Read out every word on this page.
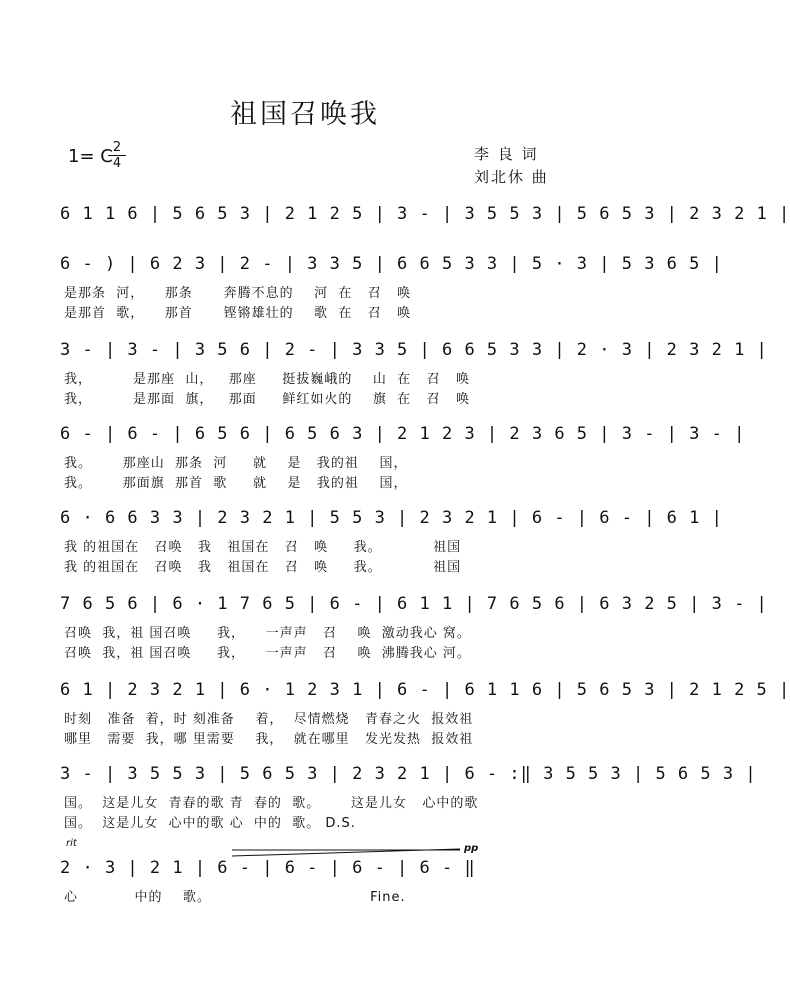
祖国召唤我
1= C 2
4
李 良 词
刘北休 曲
6 1 1 6 | 5 6 5 3 | 2 1 2 5 | 3 - | 3 5 5 3 | 5 6 5 3 | 2 3 2 1 |
6 - ) | 6 2 3 | 2 - | 3 3 5 | 6 6 5 3 3 | 5 · 3 | 5 3 6 5 |
是那条  河，    那条      奔腾不息的    河  在   召   唤
是那首  歌，    那首      铿锵雄壮的    歌  在   召   唤
3 - | 3 - | 3 5 6 | 2 - | 3 3 5 | 6 6 5 3 3 | 2 · 3 | 2 3 2 1 |
我，        是那座  山，   那座     挺拔巍峨的    山  在   召   唤
我，        是那面  旗，   那面     鲜红如火的    旗  在   召   唤
6 - | 6 - | 6 5 6 | 6 5 6 3 | 2 1 2 3 | 2 3 6 5 | 3 - | 3 - |
我。      那座山  那条  河     就    是   我的祖    国，
我。      那面旗  那首  歌     就    是   我的祖    国，
6 · 6 6 3 3 | 2 3 2 1 | 5 5 3 | 2 3 2 1 | 6 - | 6 - | 6 1 |
我 的祖国在   召唤   我   祖国在   召   唤     我。          祖国
我 的祖国在   召唤   我   祖国在   召   唤     我。          祖国
7 6 5 6 | 6 · 1 7 6 5 | 6 - | 6 1 1 | 7 6 5 6 | 6 3 2 5 | 3 - |
召唤  我，祖 国召唤     我，    一声声   召    唤  激动我心 窝。
召唤  我，祖 国召唤     我，    一声声   召    唤  沸腾我心 河。
6 1 | 2 3 2 1 | 6 · 1 2 3 1 | 6 - | 6 1 1 6 | 5 6 5 3 | 2 1 2 5 |
时刻   准备  着，时 刻准备    着，  尽情燃烧   青春之火  报效祖
哪里   需要  我，哪 里需要    我，  就在哪里   发光发热  报效祖
3 - | 3 5 5 3 | 5 6 5 3 | 2 3 2 1 | 6 - :‖ 3 5 5 3 | 5 6 5 3 |
国。  这是儿女  青春的歌 青  春的  歌。      这是儿女   心中的歌
国。  这是儿女  心中的歌 心  中的  歌。 D.S.
2 · 3 | 2 1 | 6 - | 6 - | 6 - | 6 - ‖
心           中的    歌。                               Fine.
rit	pp
